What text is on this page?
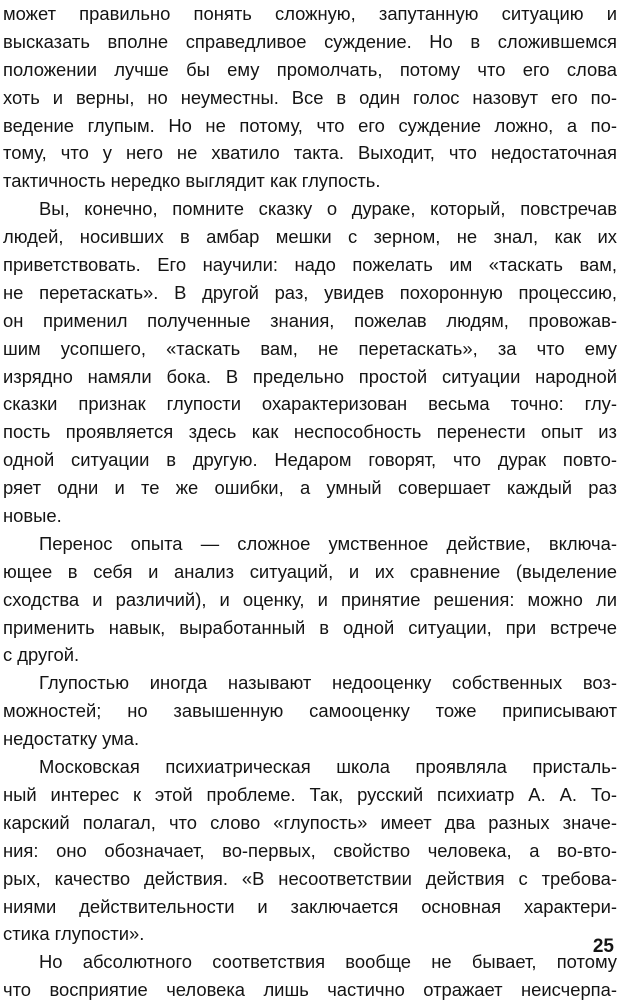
может правильно понять сложную, запутанную ситуацию и
высказать вполне справедливое суждение. Но в сложившемся
положении лучше бы ему промолчать, потому что его слова
хоть и верны, но неуместны. Все в один голос назовут его по-
ведение глупым. Но не потому, что его суждение ложно, а по-
тому, что у него не хватило такта. Выходит, что недостаточная
тактичность нередко выглядит как глупость.
Вы, конечно, помните сказку о дураке, который, повстречав
людей, носивших в амбар мешки с зерном, не знал, как их
приветствовать. Его научили: надо пожелать им «таскать вам,
не перетаскать». В другой раз, увидев похоронную процессию,
он применил полученные знания, пожелав людям, провожав-
шим усопшего, «таскать вам, не перетаскать», за что ему
изрядно намяли бока. В предельно простой ситуации народной
сказки признак глупости охарактеризован весьма точно: глу-
пость проявляется здесь как неспособность перенести опыт из
одной ситуации в другую. Недаром говорят, что дурак повто-
ряет одни и те же ошибки, а умный совершает каждый раз
новые.
Перенос опыта — сложное умственное действие, включа-
ющее в себя и анализ ситуаций, и их сравнение (выделение
сходства и различий), и оценку, и принятие решения: можно ли
применить навык, выработанный в одной ситуации, при встрече
с другой.
Глупостью иногда называют недооценку собственных воз-
можностей; но завышенную самооценку тоже приписывают
недостатку ума.
Московская психиатрическая школа проявляла присталь-
ный интерес к этой проблеме. Так, русский психиатр А. А. То-
карский полагал, что слово «глупость» имеет два разных значе-
ния: оно обозначает, во-первых, свойство человека, а во-вто-
рых, качество действия. «В несоответствии действия с требова-
ниями действительности и заключается основная характери-
стика глупости».
Но абсолютного соответствия вообще не бывает, потому
что восприятие человека лишь частично отражает неисчерпа-
25
